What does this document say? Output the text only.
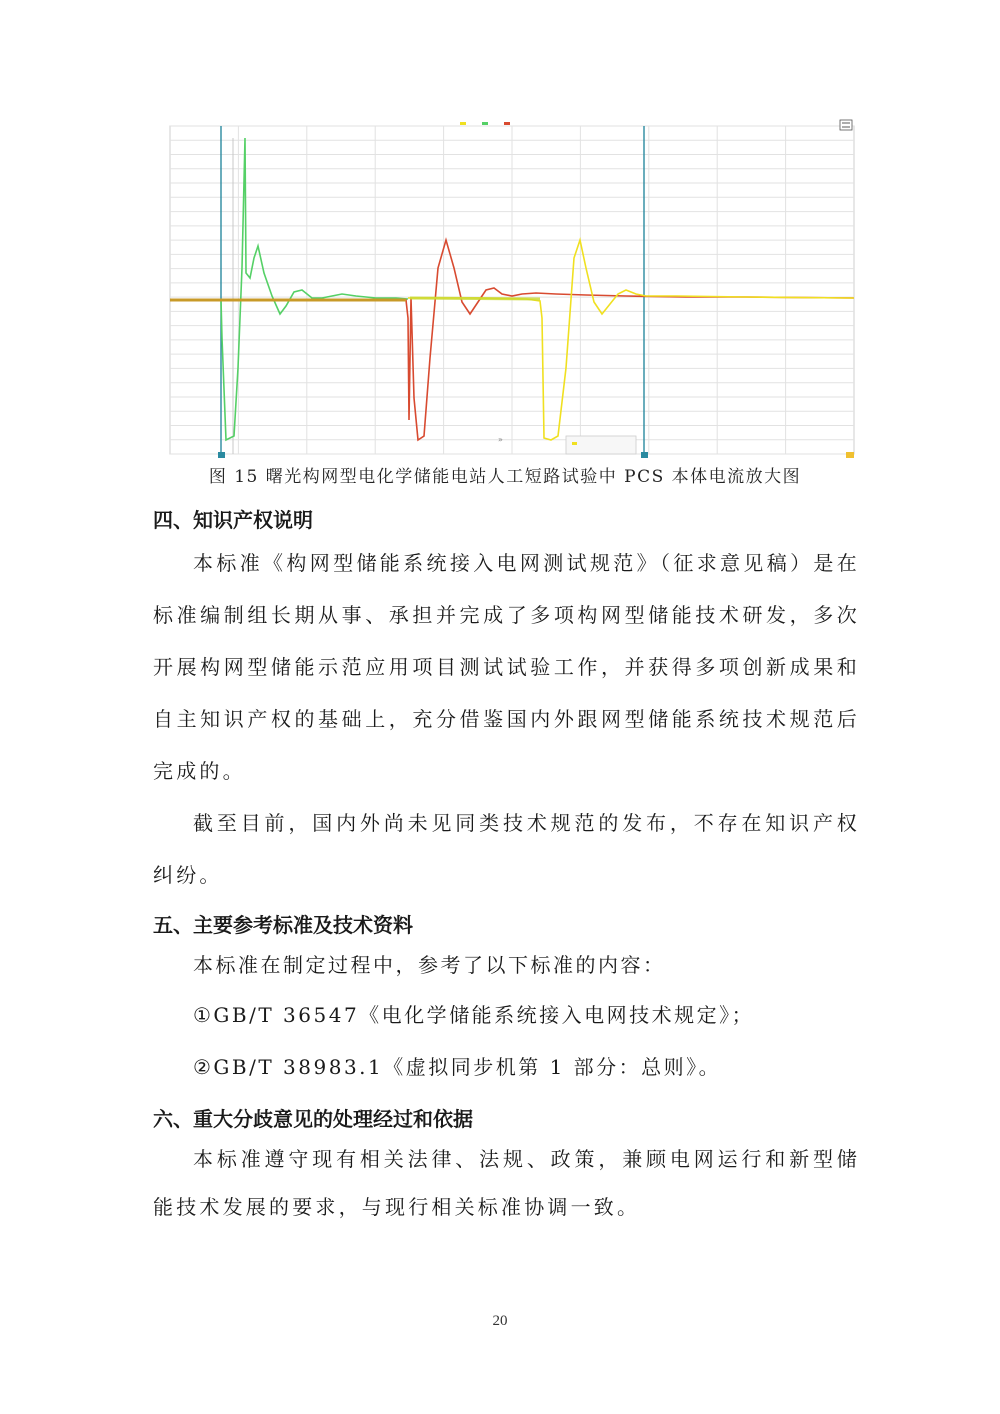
»
图 15 曙光构网型电化学储能电站人工短路试验中 PCS 本体电流放大图

四、知识产权说明

本标准《构网型储能系统接入电网测试规范》（征求意见稿）是在标准编制组长期从事、承担并完成了多项构网型储能技术研发，多次开展构网型储能示范应用项目测试试验工作，并获得多项创新成果和自主知识产权的基础上，充分借鉴国内外跟网型储能系统技术规范后完成的。

截至目前，国内外尚未见同类技术规范的发布，不存在知识产权纠纷。

五、主要参考标准及技术资料

本标准在制定过程中，参考了以下标准的内容：

①GB/T 36547《电化学储能系统接入电网技术规定》；

②GB/T 38983.1《虚拟同步机第 1 部分：总则》。

六、重大分歧意见的处理经过和依据

本标准遵守现有相关法律、法规、政策，兼顾电网运行和新型储能技术发展的要求，与现行相关标准协调一致。

20
